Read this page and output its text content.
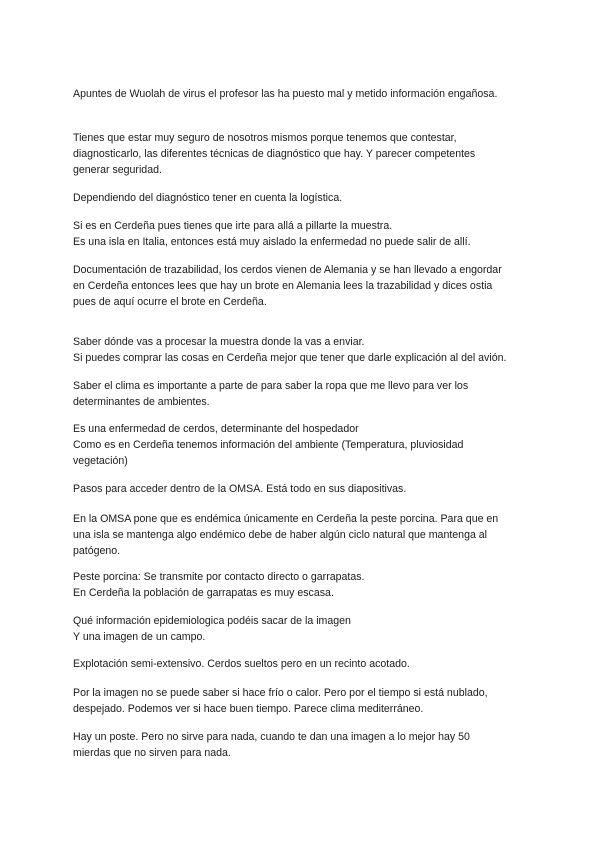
Apuntes de Wuolah de virus el profesor las ha puesto mal y metido información engañosa.
Tienes que estar muy seguro de nosotros mismos porque tenemos que contestar,
diagnosticarlo, las diferentes técnicas de diagnóstico que hay. Y parecer competentes
generar seguridad.
Dependiendo del diagnóstico tener en cuenta la logística.
Si es en Cerdeña pues tienes que irte para allá a pillarte la muestra.
Es una isla en Italia, entonces está muy aislado la enfermedad no puede salir de allí.
Documentación de trazabilidad, los cerdos vienen de Alemania y se han llevado a engordar
en Cerdeña entonces lees que hay un brote en Alemania lees la trazabilidad y dices ostia
pues de aquí ocurre el brote en Cerdeña.
Saber dónde vas a procesar la muestra donde la vas a enviar.
Si puedes comprar las cosas en Cerdeña mejor que tener que darle explicación al del avión.
Saber el clima es importante a parte de para saber la ropa que me llevo para ver los
determinantes de ambientes.
Es una enfermedad de cerdos, determinante del hospedador
Como es en Cerdeña tenemos información del ambiente (Temperatura, pluviosidad
vegetación)
Pasos para acceder dentro de la OMSA. Está todo en sus diapositivas.
En la OMSA pone que es endémica únicamente en Cerdeña la peste porcina. Para que en
una isla se mantenga algo endémico debe de haber algún ciclo natural que mantenga al
patógeno.
Peste porcina: Se transmite por contacto directo o garrapatas.
En Cerdeña la población de garrapatas es muy escasa.
Qué información epidemiologica podéis sacar de la imagen
Y una imagen de un campo.
Explotación semi-extensivo. Cerdos sueltos pero en un recinto acotado.
Por la imagen no se puede saber si hace frío o calor. Pero por el tiempo si está nublado,
despejado. Podemos ver si hace buen tiempo. Parece clima mediterráneo.
Hay un poste. Pero no sirve para nada, cuando te dan una imagen a lo mejor hay 50
mierdas que no sirven para nada.
